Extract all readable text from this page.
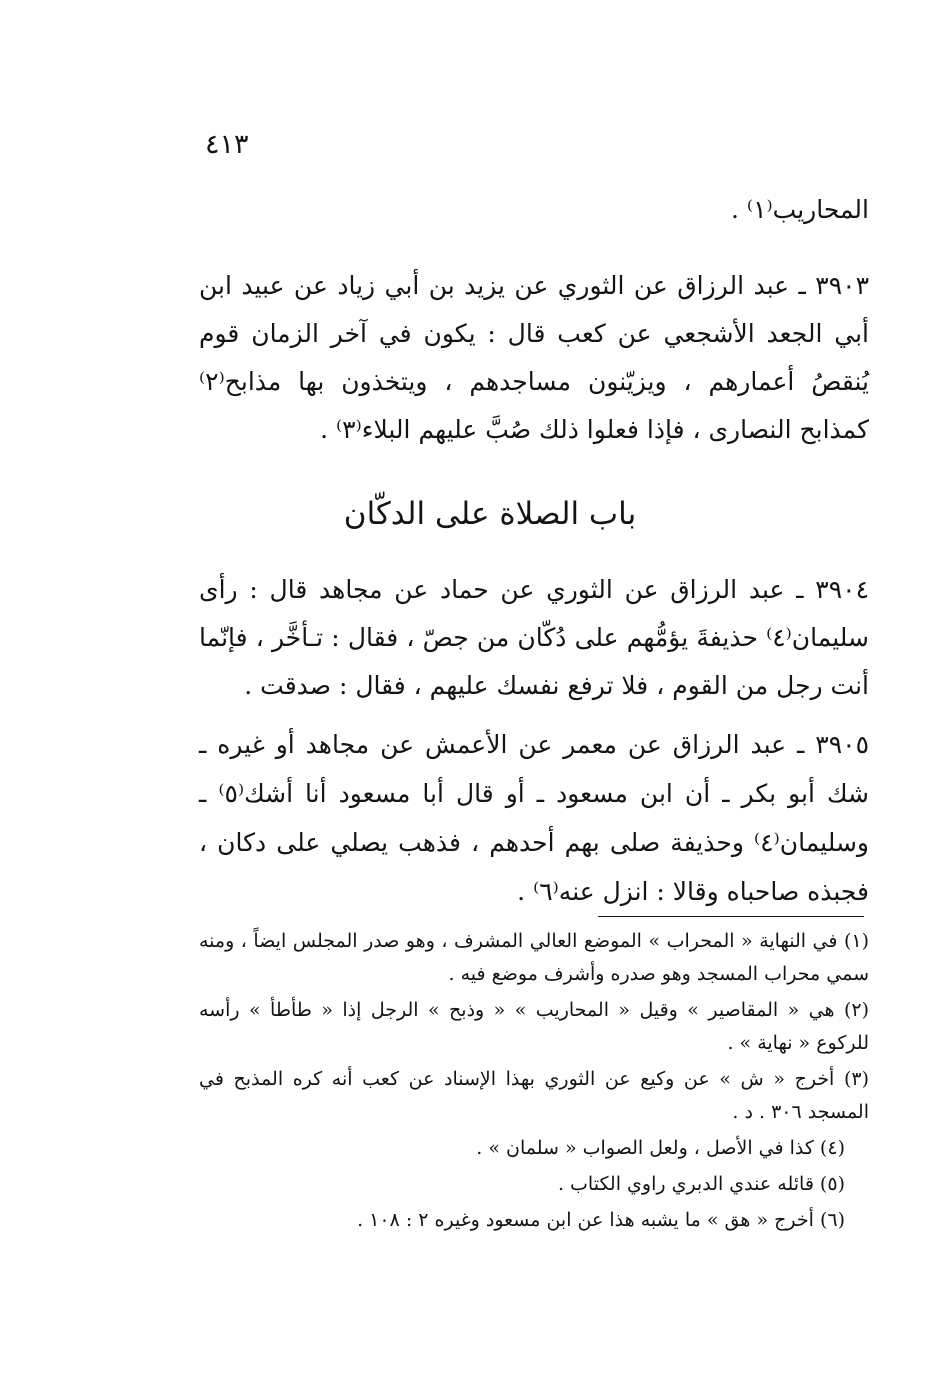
٤١٣
المحاريب⁽١⁾ .
٣٩٠٣ ـ عبد الرزاق عن الثوري عن يزيد بن أبي زياد عن عبيد ابن أبي الجعد الأشجعي عن كعب قال : يكون في آخر الزمان قوم يُنقصُ أعمارهم ، ويزيّنون مساجدهم ، ويتخذون بها مذابح⁽٢⁾ كمذابح النصارى ، فإذا فعلوا ذلك صُبَّ عليهم البلاء⁽٣⁾ .
باب الصلاة على الدكّان
٣٩٠٤ ـ عبد الرزاق عن الثوري عن حماد عن مجاهد قال : رأى سليمان⁽٤⁾ حذيفةَ يؤمُّهم على دُكّان من جصّ ، فقال : تـأخَّر ، فإنّما أنت رجل من القوم ، فلا ترفع نفسك عليهم ، فقال : صدقت .
٣٩٠٥ ـ عبد الرزاق عن معمر عن الأعمش عن مجاهد أو غيره ـ شك أبو بكر ـ أن ابن مسعود ـ أو قال أبا مسعود أنا أشك⁽٥⁾ ـ وسليمان⁽٤⁾ وحذيفة صلى بهم أحدهم ، فذهب يصلي على دكان ، فجبذه صاحباه وقالا : انزل عنه⁽٦⁾ .
(١) في النهاية « المحراب » الموضع العالي المشرف ، وهو صدر المجلس ايضاً ، ومنه سمي محراب المسجد وهو صدره وأشرف موضع فيه .
(٢) هي « المقاصير » وقيل « المحاريب » « وذبح » الرجل إذا « طأطأ » رأسه للركوع « نهاية » .
(٣) أخرج « ش » عن وكيع عن الثوري بهذا الإسناد عن كعب أنه كره المذبح في المسجد ٣٠٦ . د .
(٤) كذا في الأصل ، ولعل الصواب « سلمان » .
(٥) قائله عندي الدبري راوي الكتاب .
(٦) أخرج « هق » ما يشبه هذا عن ابن مسعود وغيره ٢ : ١٠٨ .
